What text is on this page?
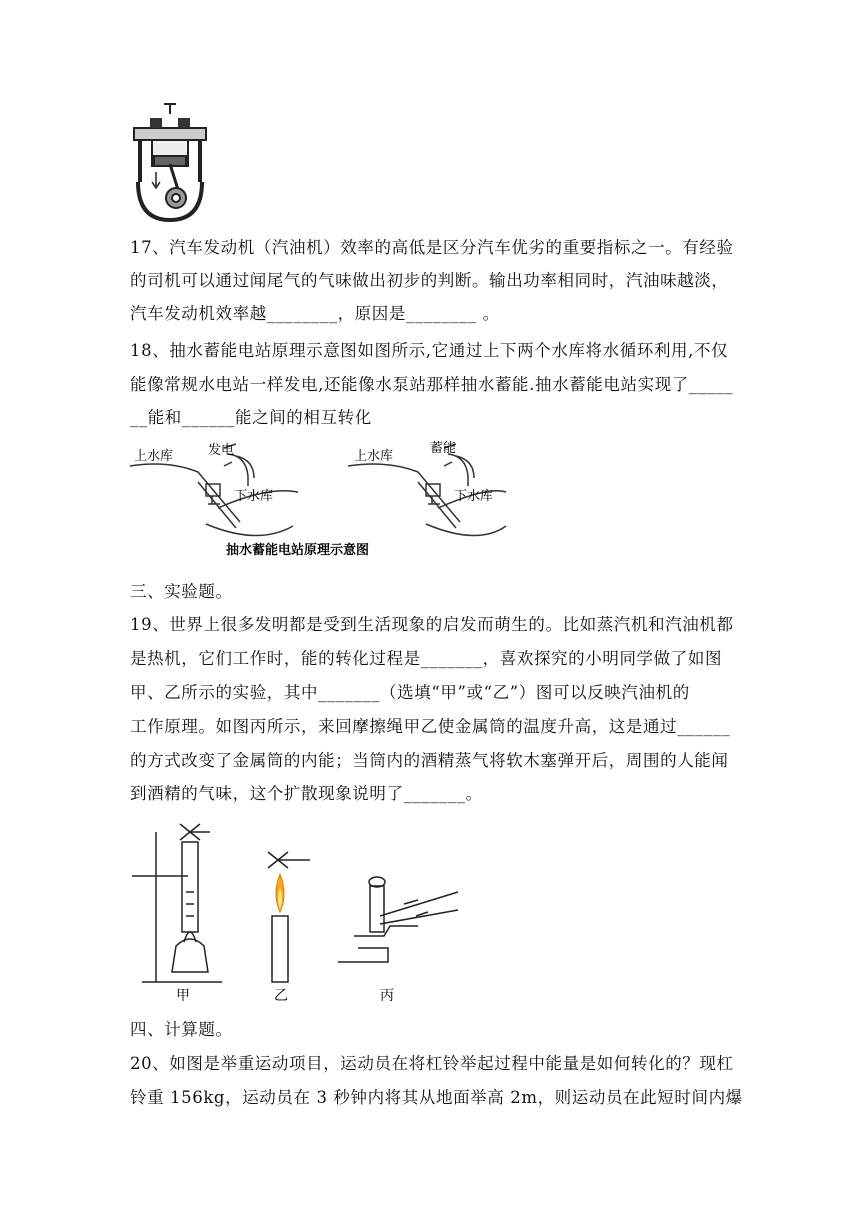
17、汽车发动机（汽油机）效率的高低是区分汽车优劣的重要指标之一。有经验
的司机可以通过闻尾气的气味做出初步的判断。输出功率相同时，汽油味越淡，
汽车发动机效率越________，原因是________ 。
18、抽水蓄能电站原理示意图如图所示,它通过上下两个水库将水循环利用,不仅
能像常规水电站一样发电,还能像水泵站那样抽水蓄能.抽水蓄能电站实现了_____
__能和______能之间的相互转化
上水库	发电
下水库
上水库
蓄能
下水库
抽水蓄能电站原理示意图
三、实验题。
19、世界上很多发明都是受到生活现象的启发而萌生的。比如蒸汽机和汽油机都
是热机，它们工作时，能的转化过程是_______，喜欢探究的小明同学做了如图
甲、乙所示的实验，其中_______（选填“甲”或“乙”）图可以反映汽油机的
工作原理。如图丙所示，来回摩擦绳甲乙使金属筒的温度升高，这是通过______
的方式改变了金属筒的内能；当筒内的酒精蒸气将软木塞弹开后，周围的人能闻
到酒精的气味，这个扩散现象说明了_______。
甲	乙	丙
四、计算题。
20、如图是举重运动项目，运动员在将杠铃举起过程中能量是如何转化的？现杠
铃重 156kg，运动员在 3 秒钟内将其从地面举高 2m，则运动员在此短时间内爆
